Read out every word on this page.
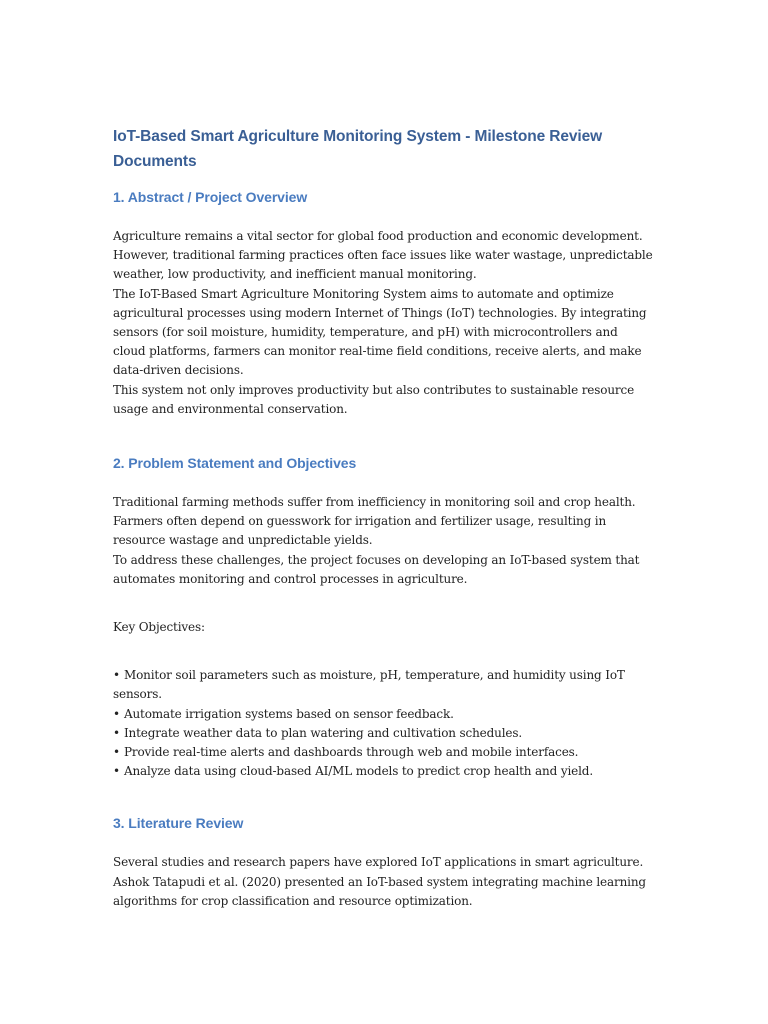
IoT-Based Smart Agriculture Monitoring System - Milestone Review Documents
1. Abstract / Project Overview

Agriculture remains a vital sector for global food production and economic development. However, traditional farming practices often face issues like water wastage, unpredictable weather, low productivity, and inefficient manual monitoring.

The IoT-Based Smart Agriculture Monitoring System aims to automate and optimize agricultural processes using modern Internet of Things (IoT) technologies. By integrating sensors (for soil moisture, humidity, temperature, and pH) with microcontrollers and cloud platforms, farmers can monitor real-time field conditions, receive alerts, and make data-driven decisions.

This system not only improves productivity but also contributes to sustainable resource usage and environmental conservation.

2. Problem Statement and Objectives

Traditional farming methods suffer from inefficiency in monitoring soil and crop health. Farmers often depend on guesswork for irrigation and fertilizer usage, resulting in resource wastage and unpredictable yields.

To address these challenges, the project focuses on developing an IoT-based system that automates monitoring and control processes in agriculture.

Key Objectives:

• Monitor soil parameters such as moisture, pH, temperature, and humidity using IoT sensors.
• Automate irrigation systems based on sensor feedback.
• Integrate weather data to plan watering and cultivation schedules.
• Provide real-time alerts and dashboards through web and mobile interfaces.
• Analyze data using cloud-based AI/ML models to predict crop health and yield.
3. Literature Review

Several studies and research papers have explored IoT applications in smart agriculture.

Ashok Tatapudi et al. (2020) presented an IoT-based system integrating machine learning algorithms for crop classification and resource optimization.
